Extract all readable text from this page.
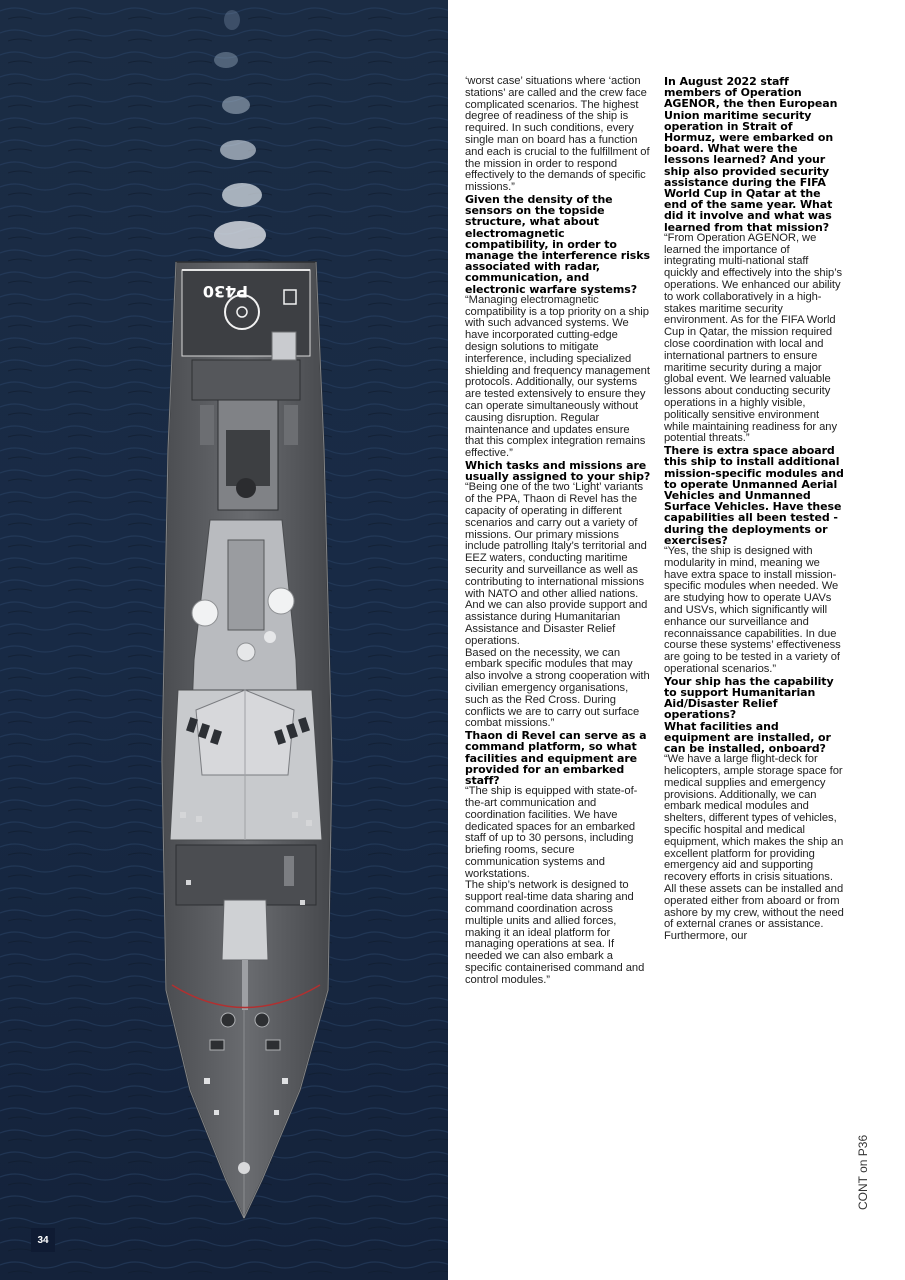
P430
34

‘worst case’ situations where ‘action stations’ are called and the crew face complicated scenarios. The highest degree of readiness of the ship is required. In such conditions, every single man on board has a function and each is crucial to the fulfillment of the mission in order to respond effectively to the demands of specific missions.”

Given the density of the sensors on the topside structure, what about electromagnetic compatibility, in order to manage the interference risks associated with radar, communication, and electronic warfare systems?

“Managing electromagnetic compatibility is a top priority on a ship with such advanced systems. We have incorporated cutting-edge design solutions to mitigate interference, including specialized shielding and frequency management protocols. Additionally, our systems are tested extensively to ensure they can operate simultaneously without causing disruption. Regular maintenance and updates ensure that this complex integration remains effective.”

Which tasks and missions are usually assigned to your ship?

“Being one of the two ‘Light’ variants of the PPA, Thaon di Revel has the capacity of operating in different scenarios and carry out a variety of missions. Our primary missions include patrolling Italy’s territorial and EEZ waters, conducting maritime security and surveillance as well as contributing to international missions with NATO and other allied nations.
And we can also provide support and assistance during Humanitarian Assistance and Disaster Relief operations.
Based on the necessity, we can embark specific modules that may also involve a strong cooperation with civilian emergency organisations, such as the Red Cross. During conflicts we are to carry out surface combat missions.”

Thaon di Revel can serve as a command platform, so what facilities and equipment are provided for an embarked staff?

“The ship is equipped with state-of-the-art communication and coordination facilities. We have dedicated spaces for an embarked staff of up to 30 persons, including briefing rooms, secure communication systems and workstations.
The ship’s network is designed to support real-time data sharing and command coordination across multiple units and allied forces, making it an ideal platform for managing operations at sea. If needed we can also embark a specific containerised command and control modules.”

In August 2022 staff members of Operation AGENOR, the then European Union maritime security operation in Strait of Hormuz, were embarked on board. What were the lessons learned? And your ship also provided security assistance during the FIFA World Cup in Qatar at the end of the same year. What did it involve and what was learned from that mission?

“From Operation AGENOR, we learned the importance of integrating multi-national staff quickly and effectively into the ship’s operations. We enhanced our ability to work collaboratively in a high-stakes maritime security environment. As for the FIFA World Cup in Qatar, the mission required close coordination with local and international partners to ensure maritime security during a major global event. We learned valuable lessons about conducting security operations in a highly visible, politically sensitive environment while maintaining readiness for any potential threats.”

There is extra space aboard this ship to install additional mission-specific modules and to operate Unmanned Aerial Vehicles and Unmanned Surface Vehicles. Have these capabilities all been tested - during the deployments or exercises?

“Yes, the ship is designed with modularity in mind, meaning we have extra space to install mission-specific modules when needed. We are studying how to operate UAVs and USVs, which significantly will enhance our surveillance and reconnaissance capabilities. In due course these systems’ effectiveness are going to be tested in a variety of operational scenarios.”

Your ship has the capability to support Humanitarian Aid/Disaster Relief operations?
What facilities and equipment are installed, or can be installed, onboard?

“We have a large flight-deck for helicopters, ample storage space for medical supplies and emergency provisions. Additionally, we can embark medical modules and shelters, different types of vehicles, specific hospital and medical equipment, which makes the ship an excellent platform for providing emergency aid and supporting recovery efforts in crisis situations. All these assets can be installed and operated either from aboard or from ashore by my crew, without the need of external cranes or assistance. Furthermore, our

CONT on P36
